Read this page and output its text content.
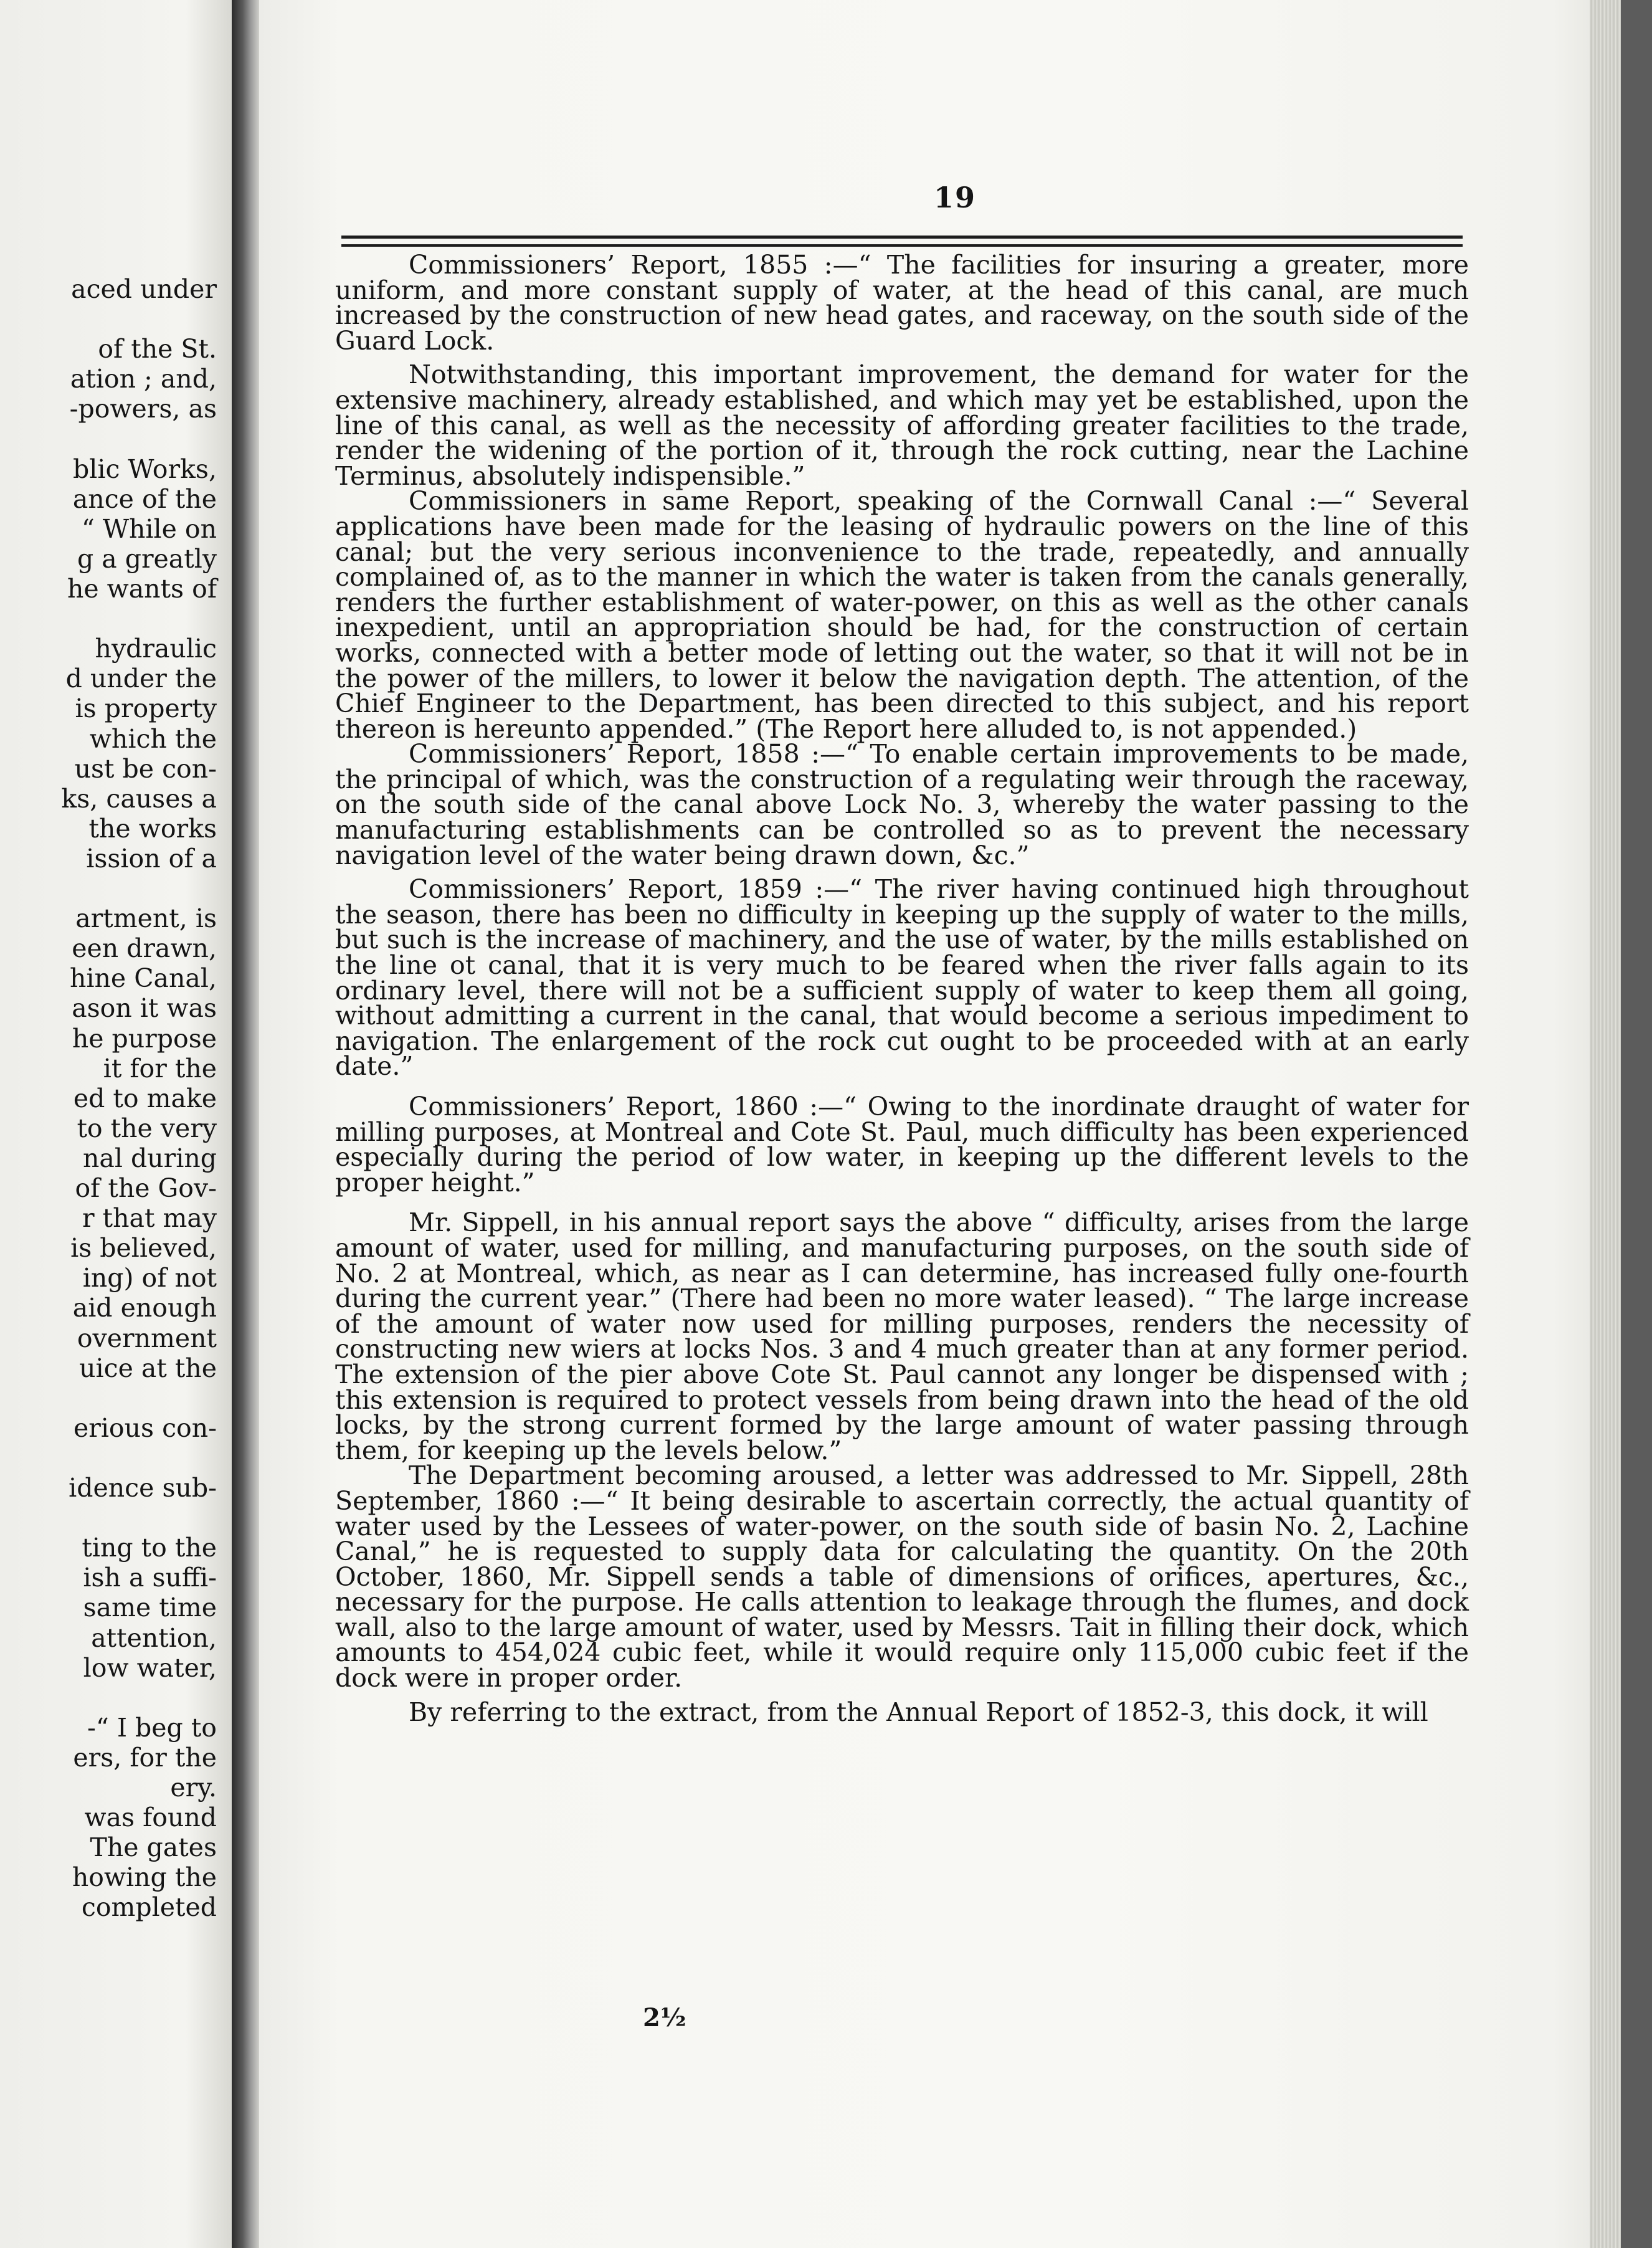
aced under
of the St.
ation ; and,
-powers, as
blic Works,
ance of the
“ While on
g a greatly
he wants of
hydraulic
d under the
is property
which the
ust be con-
ks, causes a
the works
ission of a
artment, is
een drawn,
hine Canal,
ason it was
he purpose
it for the
ed to make
to the very
nal during
of the Gov-
r that may
is believed,
ing) of not
aid enough
overnment
uice at the
erious con-
idence sub-
ting to the
ish a suffi-
same time
attention,
low water,
-“ I beg to
ers, for the
ery.
was found
The gates
howing the
completed
19

Commissioners’ Report, 1855 :—“ The facilities for insuring a greater, more uniform, and more constant supply of water, at the head of this canal, are much increased by the construction of new head gates, and raceway, on the south side of the Guard Lock.

Notwithstanding, this important improvement, the demand for water for the extensive machinery, already established, and which may yet be established, upon the line of this canal, as well as the necessity of affording greater facilities to the trade, render the widening of the portion of it, through the rock cutting, near the Lachine Terminus, absolutely indispensible.”

Commissioners in same Report, speaking of the Cornwall Canal :—“ Several applications have been made for the leasing of hydraulic powers on the line of this canal; but the very serious inconvenience to the trade, repeatedly, and annually complained of, as to the manner in which the water is taken from the canals generally, renders the further establishment of water-power, on this as well as the other canals inexpedient, until an appropriation should be had, for the construction of certain works, connected with a better mode of letting out the water, so that it will not be in the power of the millers, to lower it below the navigation depth. The attention, of the Chief Engineer to the Department, has been directed to this subject, and his report thereon is hereunto appended.” (The Report here alluded to, is not appended.)

Commissioners’ Report, 1858 :—“ To enable certain improvements to be made, the principal of which, was the construction of a regulating weir through the raceway, on the south side of the canal above Lock No. 3, whereby the water passing to the manufacturing establishments can be controlled so as to prevent the necessary navigation level of the water being drawn down, &c.”

Commissioners’ Report, 1859 :—“ The river having continued high throughout the season, there has been no difficulty in keeping up the supply of water to the mills, but such is the increase of machinery, and the use of water, by the mills established on the line ot canal, that it is very much to be feared when the river falls again to its ordinary level, there will not be a sufficient supply of water to keep them all going, without admitting a current in the canal, that would become a serious impediment to navigation. The enlargement of the rock cut ought to be proceeded with at an early date.”

Commissioners’ Report, 1860 :—“ Owing to the inordinate draught of water for milling purposes, at Montreal and Cote St. Paul, much difficulty has been experienced especially during the period of low water, in keeping up the different levels to the proper height.”

Mr. Sippell, in his annual report says the above “ difficulty, arises from the large amount of water, used for milling, and manufacturing purposes, on the south side of No. 2 at Montreal, which, as near as I can determine, has increased fully one-fourth during the current year.” (There had been no more water leased). “ The large increase of the amount of water now used for milling purposes, renders the necessity of constructing new wiers at locks Nos. 3 and 4 much greater than at any former period. The extension of the pier above Cote St. Paul cannot any longer be dispensed with ; this extension is required to protect vessels from being drawn into the head of the old locks, by the strong current formed by the large amount of water passing through them, for keeping up the levels below.”

The Department becoming aroused, a letter was addressed to Mr. Sippell, 28th September, 1860 :—“ It being desirable to ascertain correctly, the actual quantity of water used by the Lessees of water-power, on the south side of basin No. 2, Lachine Canal,” he is requested to supply data for calculating the quantity. On the 20th October, 1860, Mr. Sippell sends a table of dimensions of orifices, apertures, &c., necessary for the purpose. He calls attention to leakage through the flumes, and dock wall, also to the large amount of water, used by Messrs. Tait in filling their dock, which amounts to 454,024 cubic feet, while it would require only 115,000 cubic feet if the dock were in proper order.

By referring to the extract, from the Annual Report of 1852-3, this dock, it will

2½
